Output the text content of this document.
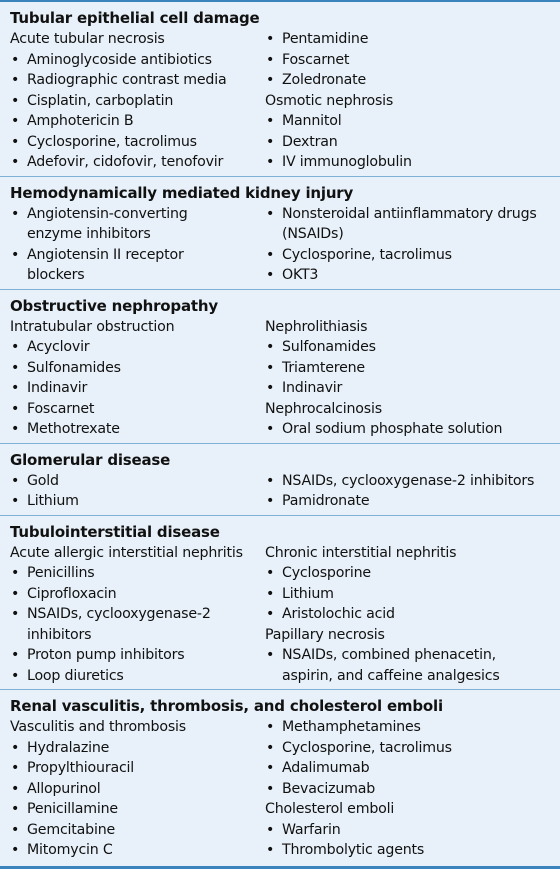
Tubular epithelial cell damage
Acute tubular necrosis
• Aminoglycoside antibiotics
• Radiographic contrast media
• Cisplatin, carboplatin
• Amphotericin B
• Cyclosporine, tacrolimus
• Adefovir, cidofovir, tenofovir
• Pentamidine
• Foscarnet
• Zoledronate
Osmotic nephrosis
• Mannitol
• Dextran
• IV immunoglobulin
Hemodynamically mediated kidney injury
• Angiotensin-converting
enzyme inhibitors
• Angiotensin II receptor
blockers
• Nonsteroidal antiinflammatory drugs
(NSAIDs)
• Cyclosporine, tacrolimus
• OKT3
Obstructive nephropathy
Intratubular obstruction
• Acyclovir
• Sulfonamides
• Indinavir
• Foscarnet
• Methotrexate
Nephrolithiasis
• Sulfonamides
• Triamterene
• Indinavir
Nephrocalcinosis
• Oral sodium phosphate solution
Glomerular disease
• Gold
• Lithium
• NSAIDs, cyclooxygenase-2 inhibitors
• Pamidronate
Tubulointerstitial disease
Acute allergic interstitial nephritis
• Penicillins
• Ciprofloxacin
• NSAIDs, cyclooxygenase-2
inhibitors
• Proton pump inhibitors
• Loop diuretics
Chronic interstitial nephritis
• Cyclosporine
• Lithium
• Aristolochic acid
Papillary necrosis
• NSAIDs, combined phenacetin,
aspirin, and caffeine analgesics
Renal vasculitis, thrombosis, and cholesterol emboli
Vasculitis and thrombosis
• Hydralazine
• Propylthiouracil
• Allopurinol
• Penicillamine
• Gemcitabine
• Mitomycin C
• Methamphetamines
• Cyclosporine, tacrolimus
• Adalimumab
• Bevacizumab
Cholesterol emboli
• Warfarin
• Thrombolytic agents
